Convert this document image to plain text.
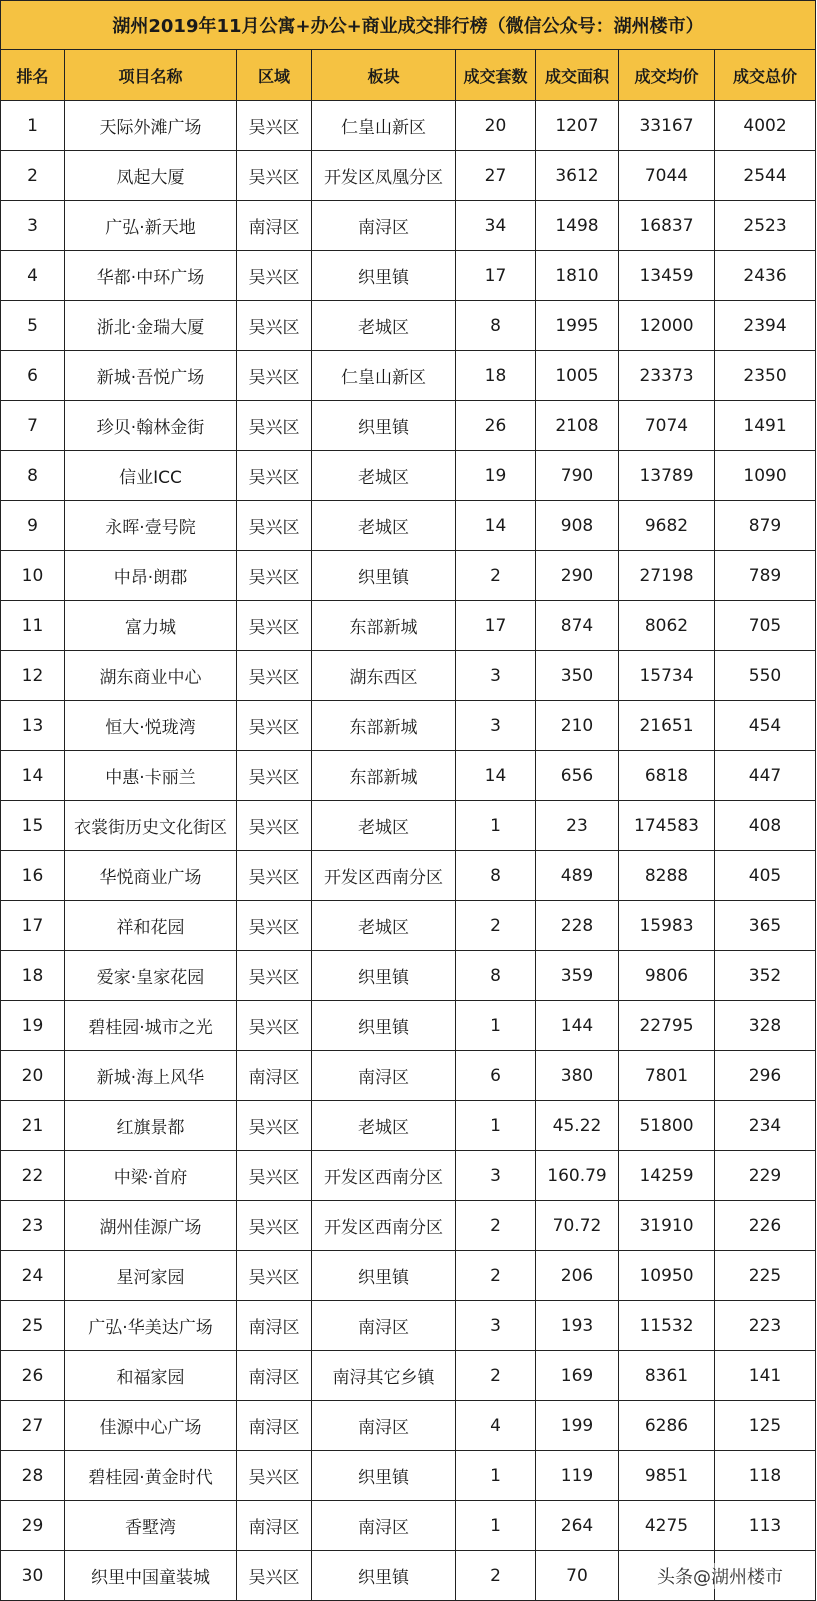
湖州2019年11月公寓+办公+商业成交排行榜（微信公众号：湖州楼市）							
排名	项目名称	区域	板块	成交套数	成交面积	成交均价	成交总价
1	天际外滩广场	吴兴区	仁皇山新区	20	1207	33167	4002
2	凤起大厦	吴兴区	开发区凤凰分区	27	3612	7044	2544
3	广弘·新天地	南浔区	南浔区	34	1498	16837	2523
4	华都·中环广场	吴兴区	织里镇	17	1810	13459	2436
5	浙北·金瑞大厦	吴兴区	老城区	8	1995	12000	2394
6	新城·吾悦广场	吴兴区	仁皇山新区	18	1005	23373	2350
7	珍贝·翰林金街	吴兴区	织里镇	26	2108	7074	1491
8	信业ICC	吴兴区	老城区	19	790	13789	1090
9	永晖·壹号院	吴兴区	老城区	14	908	9682	879
10	中昂·朗郡	吴兴区	织里镇	2	290	27198	789
11	富力城	吴兴区	东部新城	17	874	8062	705
12	湖东商业中心	吴兴区	湖东西区	3	350	15734	550
13	恒大·悦珑湾	吴兴区	东部新城	3	210	21651	454
14	中惠·卡丽兰	吴兴区	东部新城	14	656	6818	447
15	衣裳街历史文化街区	吴兴区	老城区	1	23	174583	408
16	华悦商业广场	吴兴区	开发区西南分区	8	489	8288	405
17	祥和花园	吴兴区	老城区	2	228	15983	365
18	爱家·皇家花园	吴兴区	织里镇	8	359	9806	352
19	碧桂园·城市之光	吴兴区	织里镇	1	144	22795	328
20	新城·海上风华	南浔区	南浔区	6	380	7801	296
21	红旗景都	吴兴区	老城区	1	45.22	51800	234
22	中梁·首府	吴兴区	开发区西南分区	3	160.79	14259	229
23	湖州佳源广场	吴兴区	开发区西南分区	2	70.72	31910	226
24	星河家园	吴兴区	织里镇	2	206	10950	225
25	广弘·华美达广场	南浔区	南浔区	3	193	11532	223
26	和福家园	南浔区	南浔其它乡镇	2	169	8361	141
27	佳源中心广场	南浔区	南浔区	4	199	6286	125
28	碧桂园·黄金时代	吴兴区	织里镇	1	119	9851	118
29	香墅湾	南浔区	南浔区	1	264	4275	113
30	织里中国童装城	吴兴区	织里镇	2	70			头条@湖州楼市
